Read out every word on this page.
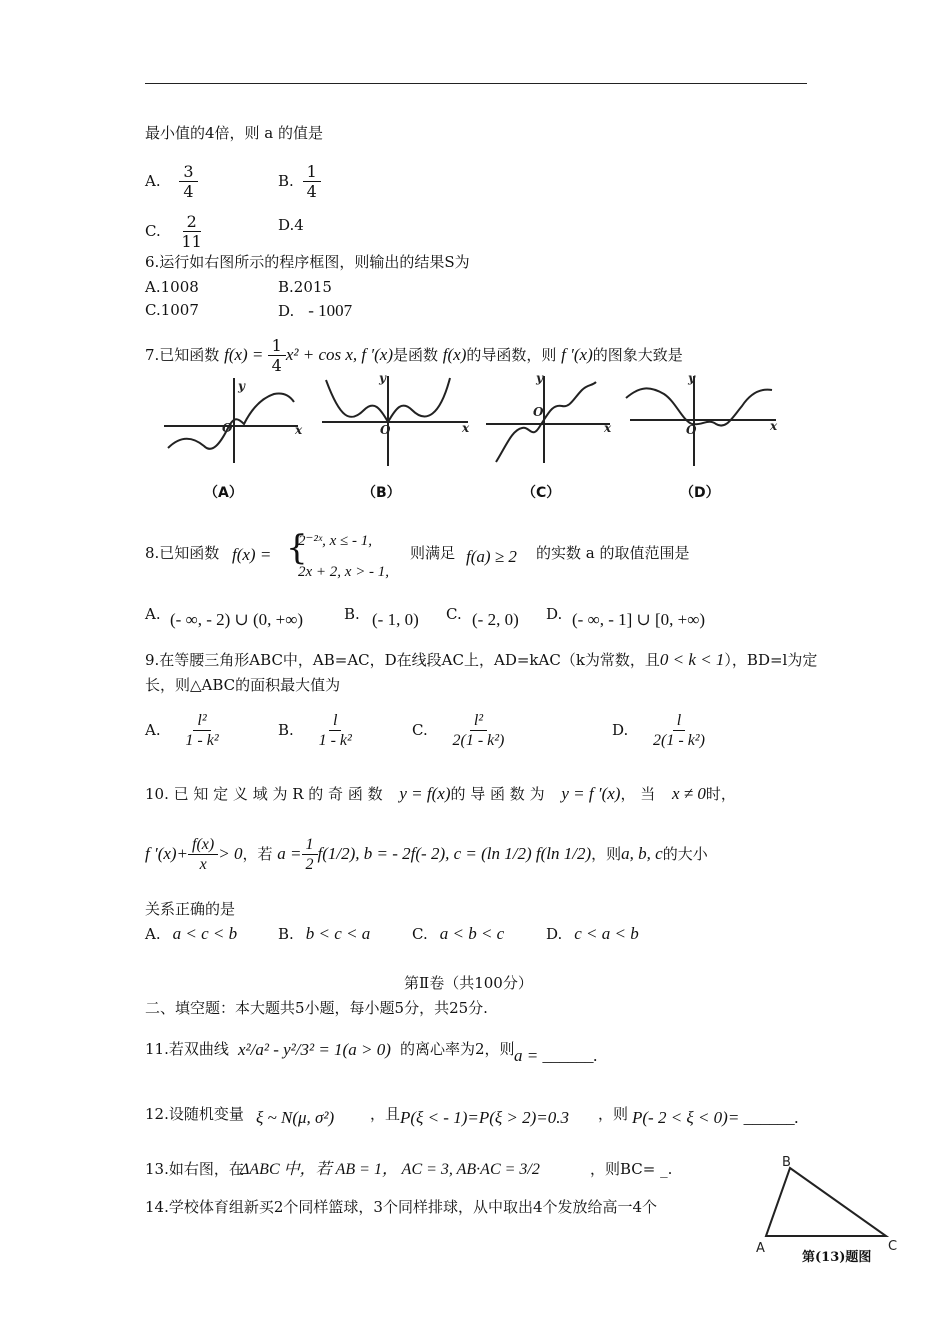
最小值的4倍，则 a 的值是
A. $\frac{3}{4}$	B. $\frac{1}{4}$
C. $\frac{2}{11}$	D.4
6.运行如右图所示的程序框图，则输出的结果S为
A.1008	B.2015
C.1007	D. - 1007
7.已知函数 $f(x) = \frac{1}{4} x^2 + \cos x$, f ′(x)是函数 f(x)的导函数，则 f ′(x)的图象大致是
y
x
O
y
x
O
y
x
O
y
x
O
（A）	（B）	（C）	（D）
8.已知函数 f(x) = {
2⁻²ˣ, x ≤ - 1,
2x + 2, x > - 1,
则满足 f(a) ≥ 2 的实数 a 的取值范围是
A. (- ∞, - 2) ∪ (0, +∞)	B. (- 1, 0) C. (- 2, 0) D. (- ∞, - 1] ∪ [0, +∞)
9.在等腰三角形ABC中，AB=AC，D在线段AC上，AD=kAC（k为常数，且0 < k < 1），BD=l为定
长，则△ABC的面积最大值为
A. $\frac{\text{l²}}{\text{1 - k²}}$	B. $\frac{l}{\text{1 - k²}}$	C. $\frac{\text{l²}}{\text{2(1 - k²)}}$	D. $\frac{l}{\text{2(1 - k²)}}$
10. 已 知 定 义 域 为 R 的 奇 函 数 y = f(x)的 导 函 数 为 y = f ′(x)， 当 x ≠ 0时，
f $'(x)+ \frac{f(x)}{x} > 0$，若 $a = \frac{1}{2} f(1/2)$, b = - 2f(- 2), c = (ln 1/2) f(ln 1/2)，则a, b, c的大小
关系正确的是
A. a < c < b	B. b < c < a	C. a < b < c	D. c < a < b
第Ⅱ卷（共100分）
二、填空题：本大题共5小题，每小题5分，共25分.
11.若双曲线 x²/a² - y²/3² = 1(a > 0) 的离心率为2，则 a = ______.
12.设随机变量 ξ ~ N(μ, σ²) ，且 P(ξ < - 1)=P(ξ > 2)=0.3 ，则 P(- 2 < ξ < 0)= ______.
13.如右图，在
ΔABC 中，若 AB = 1， AC = 3, AB·AC = 3/2	，则BC= _.
14.学校体育组新买2个同样篮球，3个同样排球，从中取出4个发放给高一4个
B
A	C
第(13)题图
